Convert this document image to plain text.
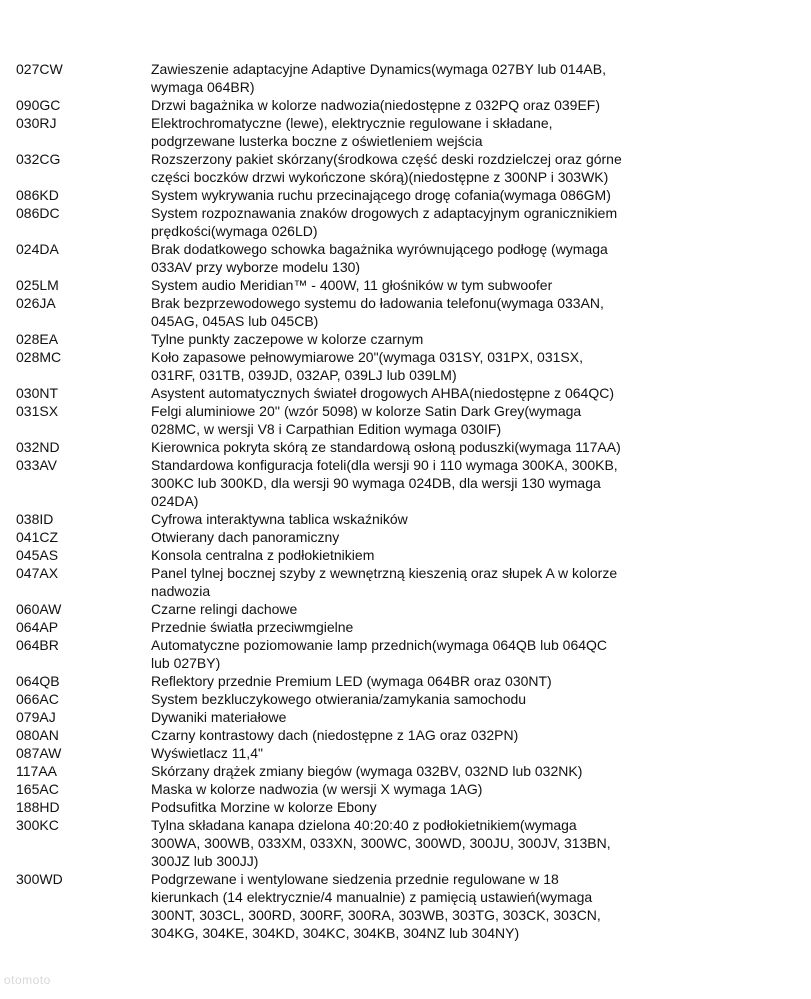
027CW	Zawieszenie adaptacyjne Adaptive Dynamics(wymaga 027BY lub 014AB,
wymaga 064BR)
090GC	Drzwi bagażnika w kolorze nadwozia(niedostępne z 032PQ oraz 039EF)
030RJ	Elektrochromatyczne (lewe), elektrycznie regulowane i składane,
podgrzewane lusterka boczne z oświetleniem wejścia
032CG	Rozszerzony pakiet skórzany(środkowa część deski rozdzielczej oraz górne
części boczków drzwi wykończone skórą)(niedostępne z 300NP i 303WK)
086KD	System wykrywania ruchu przecinającego drogę cofania(wymaga 086GM)
086DC	System rozpoznawania znaków drogowych z adaptacyjnym ogranicznikiem
prędkości(wymaga 026LD)
024DA	Brak dodatkowego schowka bagażnika wyrównującego podłogę (wymaga
033AV przy wyborze modelu 130)
025LM	System audio Meridian™ - 400W, 11 głośników w tym subwoofer
026JA	Brak bezprzewodowego systemu do ładowania telefonu(wymaga 033AN,
045AG, 045AS lub 045CB)
028EA	Tylne punkty zaczepowe w kolorze czarnym
028MC	Koło zapasowe pełnowymiarowe 20"(wymaga 031SY, 031PX, 031SX,
031RF, 031TB, 039JD, 032AP, 039LJ lub 039LM)
030NT	Asystent automatycznych świateł drogowych AHBA(niedostępne z 064QC)
031SX	Felgi aluminiowe 20'' (wzór 5098) w kolorze Satin Dark Grey(wymaga
028MC, w wersji V8 i Carpathian Edition wymaga 030IF)
032ND	Kierownica pokryta skórą ze standardową osłoną poduszki(wymaga 117AA)
033AV	Standardowa konfiguracja foteli(dla wersji 90 i 110 wymaga 300KA, 300KB,
300KC lub 300KD, dla wersji 90 wymaga 024DB, dla wersji 130 wymaga
024DA)
038ID	Cyfrowa interaktywna tablica wskaźników
041CZ	Otwierany dach panoramiczny
045AS	Konsola centralna z podłokietnikiem
047AX	Panel tylnej bocznej szyby z wewnętrzną kieszenią oraz słupek A w kolorze
nadwozia
060AW	Czarne relingi dachowe
064AP	Przednie światła przeciwmgielne
064BR	Automatyczne poziomowanie lamp przednich(wymaga 064QB lub 064QC
lub 027BY)
064QB	Reflektory przednie Premium LED (wymaga 064BR oraz 030NT)
066AC	System bezkluczykowego otwierania/zamykania samochodu
079AJ	Dywaniki materiałowe
080AN	Czarny kontrastowy dach (niedostępne z 1AG oraz 032PN)
087AW	Wyświetlacz 11,4"
117AA	Skórzany drążek zmiany biegów (wymaga 032BV, 032ND lub 032NK)
165AC	Maska w kolorze nadwozia (w wersji X wymaga 1AG)
188HD	Podsufitka Morzine w kolorze Ebony
300KC	Tylna składana kanapa dzielona 40:20:40 z podłokietnikiem(wymaga
300WA, 300WB, 033XM, 033XN, 300WC, 300WD, 300JU, 300JV, 313BN,
300JZ lub 300JJ)
300WD	Podgrzewane i wentylowane siedzenia przednie regulowane w 18
kierunkach (14 elektrycznie/4 manualnie) z pamięcią ustawień(wymaga
300NT, 303CL, 300RD, 300RF, 300RA, 303WB, 303TG, 303CK, 303CN,
304KG, 304KE, 304KD, 304KC, 304KB, 304NZ lub 304NY)
otomoto
